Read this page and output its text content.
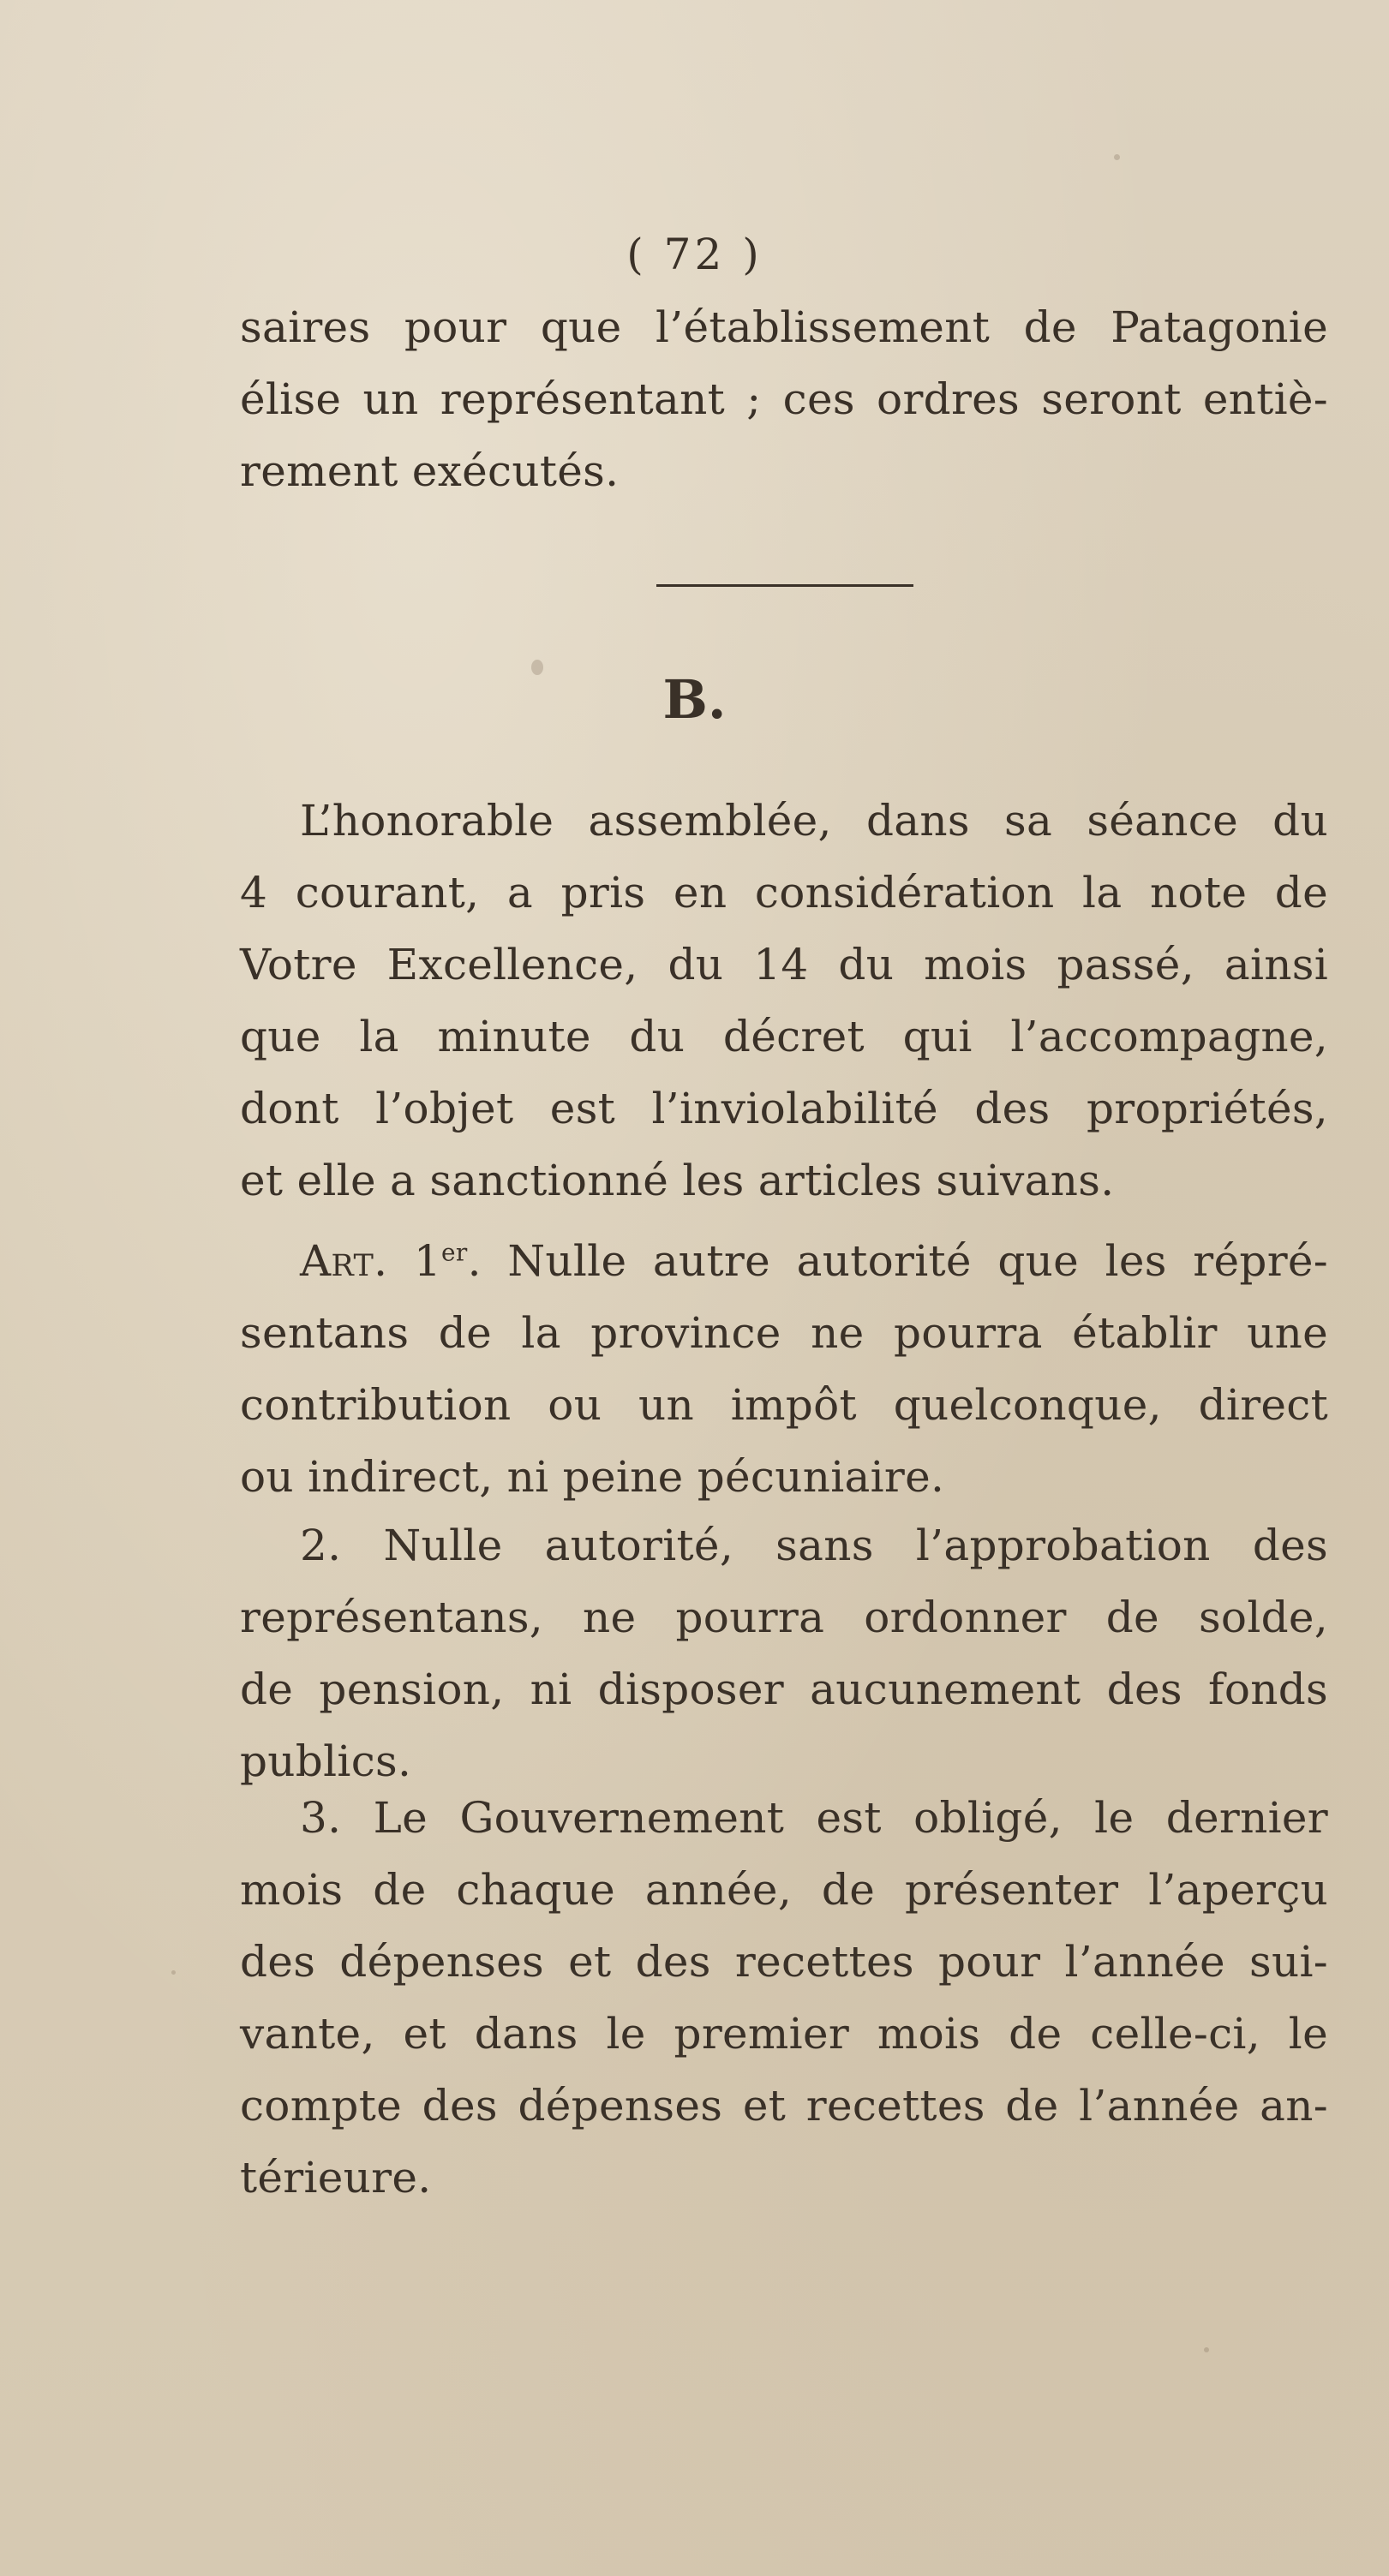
( 72 )
saires pour que l’établissement de Patagonie
élise un représentant ; ces ordres seront entiè-
rement exécutés.
B.
L’honorable assemblée, dans sa séance du
4 courant, a pris en considération la note de
Votre Excellence, du 14 du mois passé, ainsi
que la minute du décret qui l’accompagne,
dont l’objet est l’inviolabilité des propriétés,
et elle a sanctionné les articles suivans.
Art. 1er. Nulle autre autorité que les répré-
sentans de la province ne pourra établir une
contribution ou un impôt quelconque, direct
ou indirect, ni peine pécuniaire.
2. Nulle autorité, sans l’approbation des
représentans, ne pourra ordonner de solde,
de pension, ni disposer aucunement des fonds
publics.
3. Le Gouvernement est obligé, le dernier
mois de chaque année, de présenter l’aperçu
des dépenses et des recettes pour l’année sui-
vante, et dans le premier mois de celle-ci, le
compte des dépenses et recettes de l’année an-
térieure.
